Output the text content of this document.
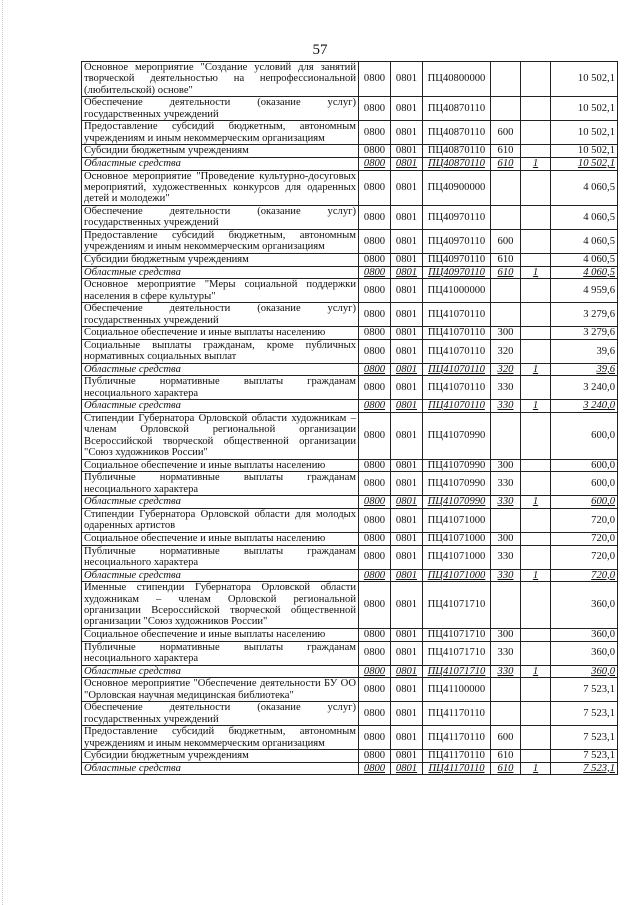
57
Основное мероприятие "Создание условий для занятий творческой деятельностью на непрофессиональной (любительской) основе"	0800	0801	ПЦ40800000			10 502,1
Обеспечение деятельности (оказание услуг) государственных учреждений	0800	0801	ПЦ40870110			10 502,1
Предоставление субсидий бюджетным, автономным учреждениям и иным некоммерческим организациям	0800	0801	ПЦ40870110	600		10 502,1
Субсидии бюджетным учреждениям	0800	0801	ПЦ40870110	610		10 502,1
Областные средства	0800	0801	ПЦ40870110	610	1	10 502,1
Основное мероприятие "Проведение культурно-досуговых мероприятий, художественных конкурсов для одаренных детей и молодежи"	0800	0801	ПЦ40900000			4 060,5
Обеспечение деятельности (оказание услуг) государственных учреждений	0800	0801	ПЦ40970110			4 060,5
Предоставление субсидий бюджетным, автономным учреждениям и иным некоммерческим организациям	0800	0801	ПЦ40970110	600		4 060,5
Субсидии бюджетным учреждениям	0800	0801	ПЦ40970110	610		4 060,5
Областные средства	0800	0801	ПЦ40970110	610	1	4 060,5
Основное мероприятие "Меры социальной поддержки населения в сфере культуры"	0800	0801	ПЦ41000000			4 959,6
Обеспечение деятельности (оказание услуг) государственных учреждений	0800	0801	ПЦ41070110			3 279,6
Социальное обеспечение и иные выплаты населению	0800	0801	ПЦ41070110	300		3 279,6
Социальные выплаты гражданам, кроме публичных нормативных социальных выплат	0800	0801	ПЦ41070110	320		39,6
Областные средства	0800	0801	ПЦ41070110	320	1	39,6
Публичные нормативные выплаты гражданам несоциального характера	0800	0801	ПЦ41070110	330		3 240,0
Областные средства	0800	0801	ПЦ41070110	330	1	3 240,0
Стипендии Губернатора Орловской области художникам – членам Орловской региональной организации Всероссийской творческой общественной организации "Союз художников России"	0800	0801	ПЦ41070990			600,0
Социальное обеспечение и иные выплаты населению	0800	0801	ПЦ41070990	300		600,0
Публичные нормативные выплаты гражданам несоциального характера	0800	0801	ПЦ41070990	330		600,0
Областные средства	0800	0801	ПЦ41070990	330	1	600,0
Стипендии Губернатора Орловской области для молодых одаренных артистов	0800	0801	ПЦ41071000			720,0
Социальное обеспечение и иные выплаты населению	0800	0801	ПЦ41071000	300		720,0
Публичные нормативные выплаты гражданам несоциального характера	0800	0801	ПЦ41071000	330		720,0
Областные средства	0800	0801	ПЦ41071000	330	1	720,0
Именные стипендии Губернатора Орловской области художникам – членам Орловской региональной организации Всероссийской творческой общественной организации "Союз художников России"	0800	0801	ПЦ41071710			360,0
Социальное обеспечение и иные выплаты населению	0800	0801	ПЦ41071710	300		360,0
Публичные нормативные выплаты гражданам несоциального характера	0800	0801	ПЦ41071710	330		360,0
Областные средства	0800	0801	ПЦ41071710	330	1	360,0
Основное мероприятие "Обеспечение деятельности БУ ОО "Орловская научная медицинская библиотека"	0800	0801	ПЦ41100000			7 523,1
Обеспечение деятельности (оказание услуг) государственных учреждений	0800	0801	ПЦ41170110			7 523,1
Предоставление субсидий бюджетным, автономным учреждениям и иным некоммерческим организациям	0800	0801	ПЦ41170110	600		7 523,1
Субсидии бюджетным учреждениям	0800	0801	ПЦ41170110	610		7 523,1
Областные средства	0800	0801	ПЦ41170110	610	1	7 523,1
